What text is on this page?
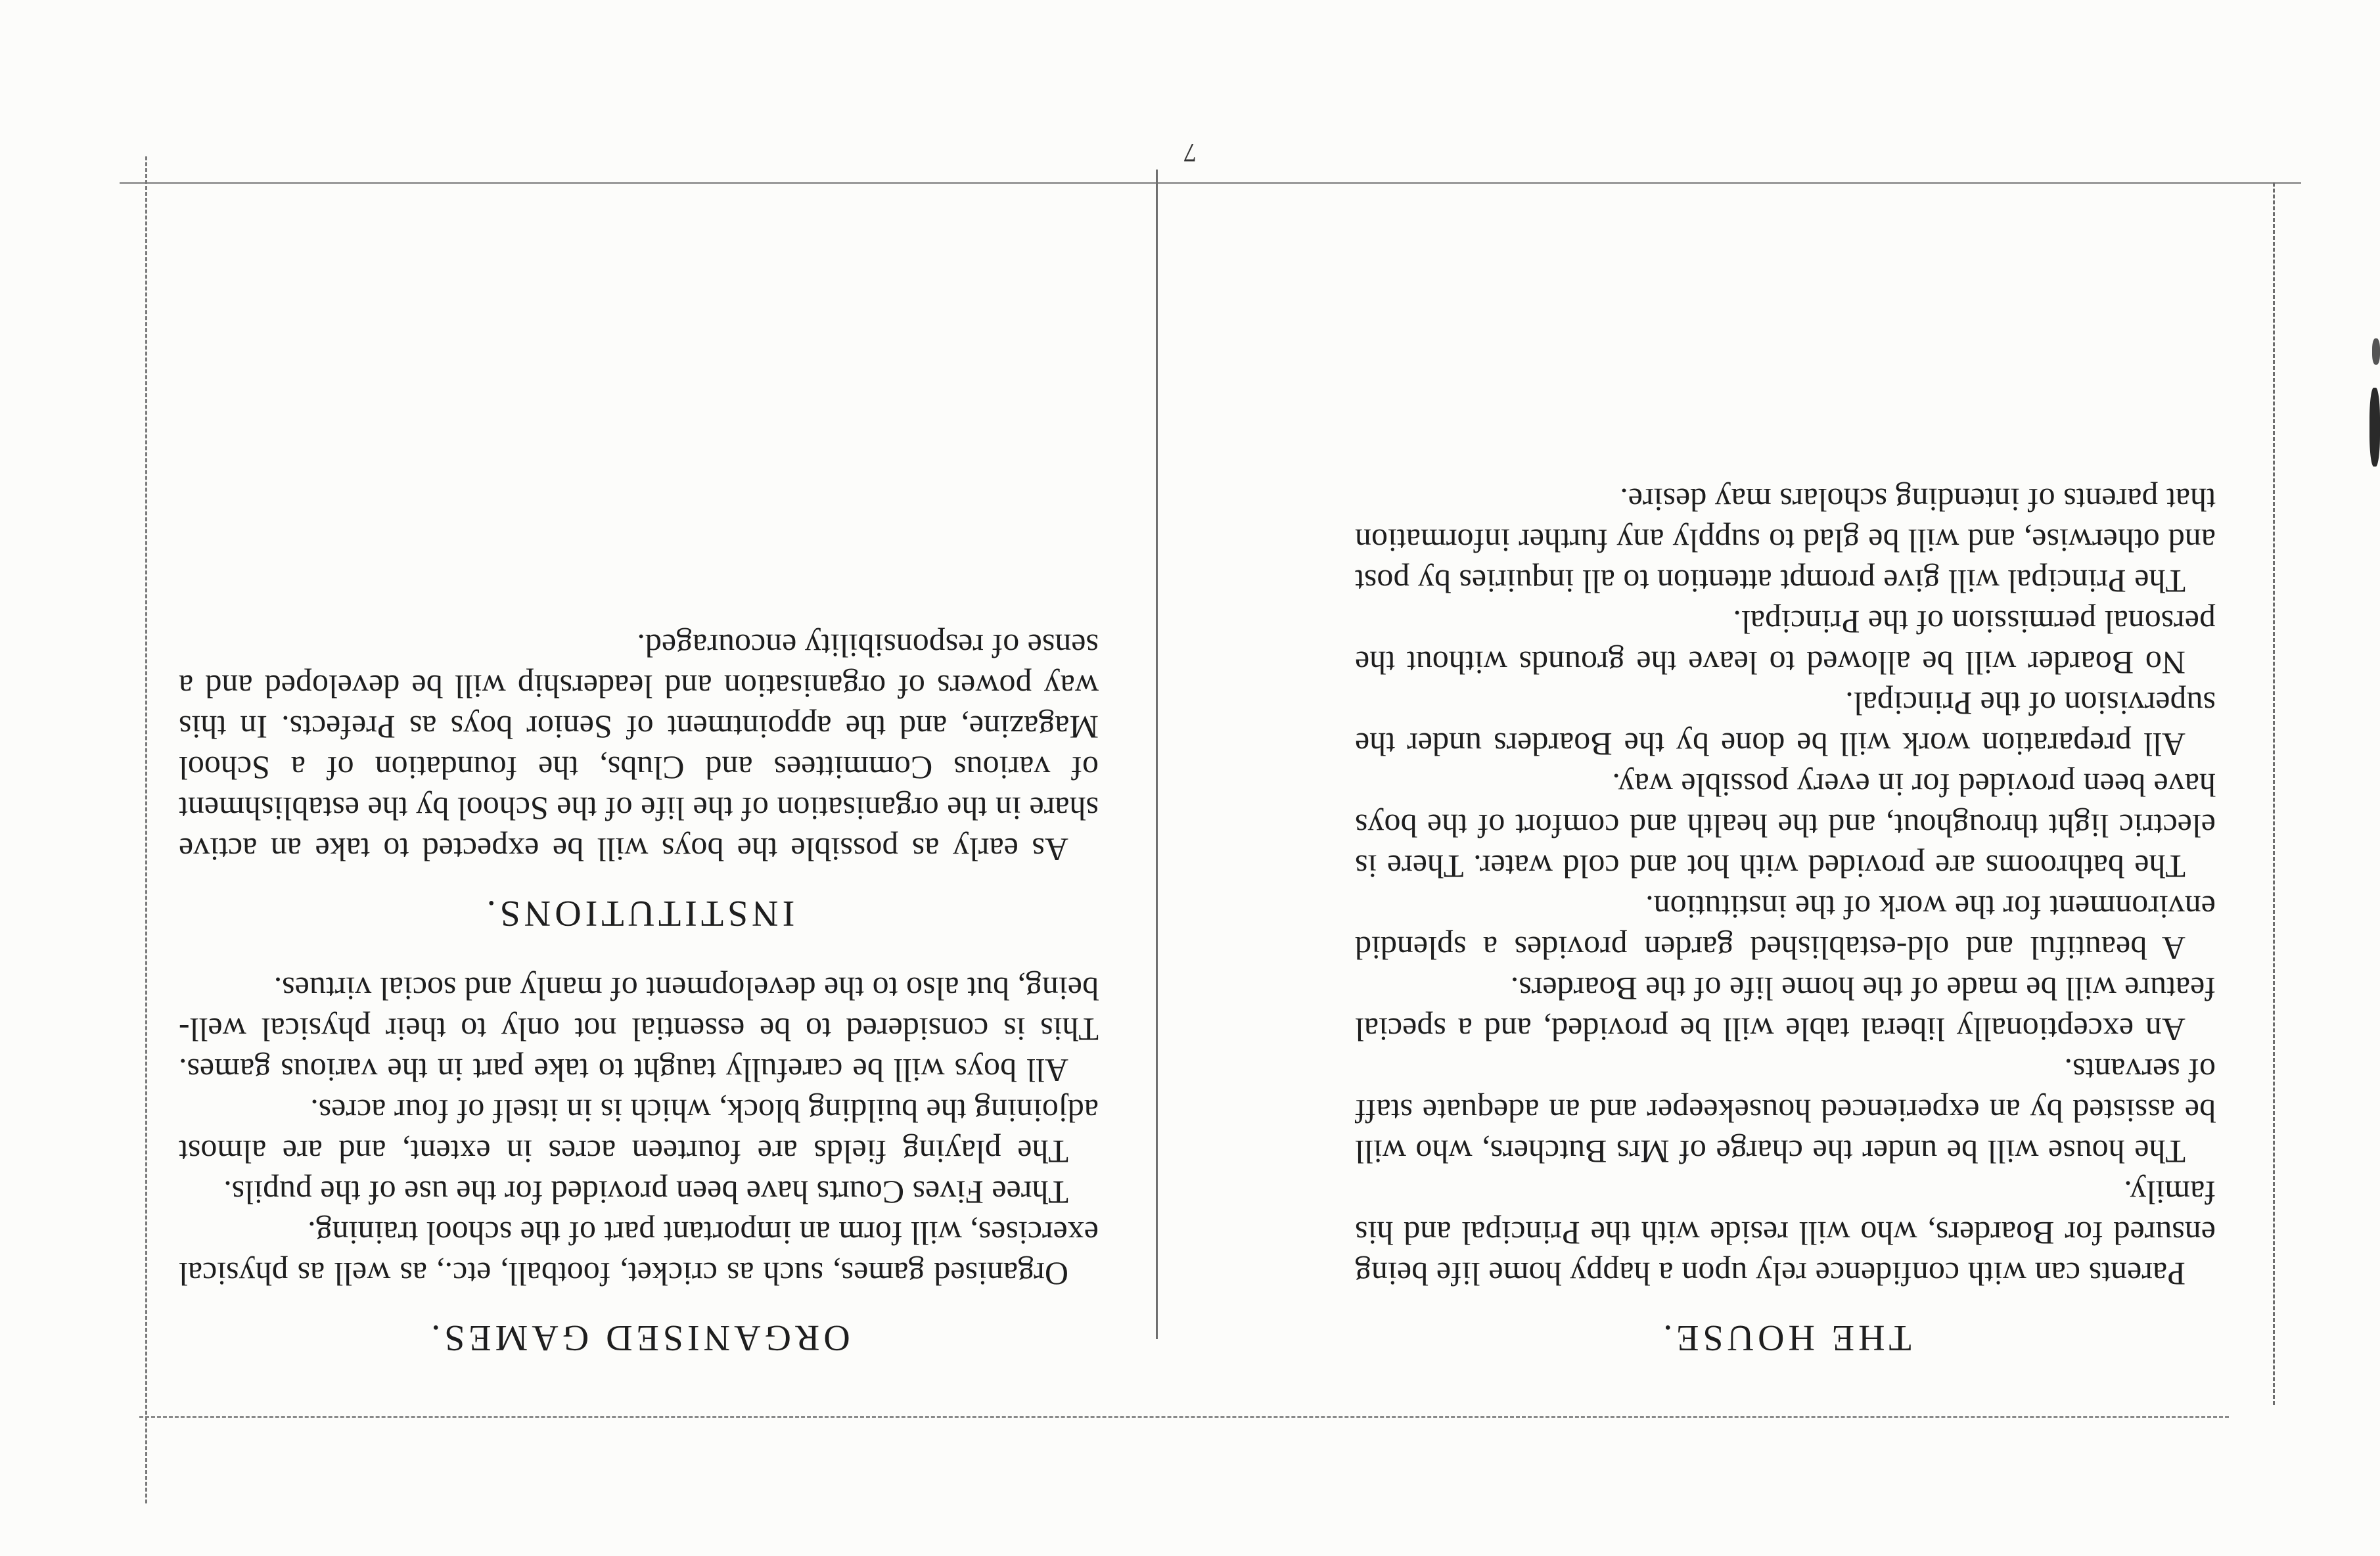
7
THE HOUSE.

Parents can with confidence rely upon a happy home life being ensured for Boarders, who will reside with the Principal and his family.

The house will be under the charge of Mrs Butchers, who will be assisted by an experienced housekeeper and an adequate staff of servants.

An exceptionally liberal table will be provided, and a special feature will be made of the home life of the Boarders.

A beautiful and old-established garden provides a splendid environment for the work of the institution.

The bathrooms are provided with hot and cold water. There is electric light throughout, and the health and comfort of the boys have been provided for in every possible way.

All preparation work will be done by the Boarders under the supervision of the Principal.

No Boarder will be allowed to leave the grounds without the personal permission of the Principal.

The Principal will give prompt attention to all inquiries by post and otherwise, and will be glad to supply any further information that parents of intending scholars may desire.

ORGANISED GAMES.

Organised games, such as cricket, football, etc., as well as physical exercises, will form an important part of the school training.

Three Fives Courts have been provided for the use of the pupils.

The playing fields are fourteen acres in extent, and are almost adjoining the building block, which is in itself of four acres.

All boys will be carefully taught to take part in the various games. This is considered to be essential not only to their physical well-being, but also to the development of manly and social virtues.

INSTITUTIONS.

As early as possible the boys will be expected to take an active share in the organisation of the life of the School by the establishment of various Committees and Clubs, the foundation of a School Magazine, and the appointment of Senior boys as Prefects. In this way powers of organisation and leadership will be developed and a sense of responsibility encouraged.
